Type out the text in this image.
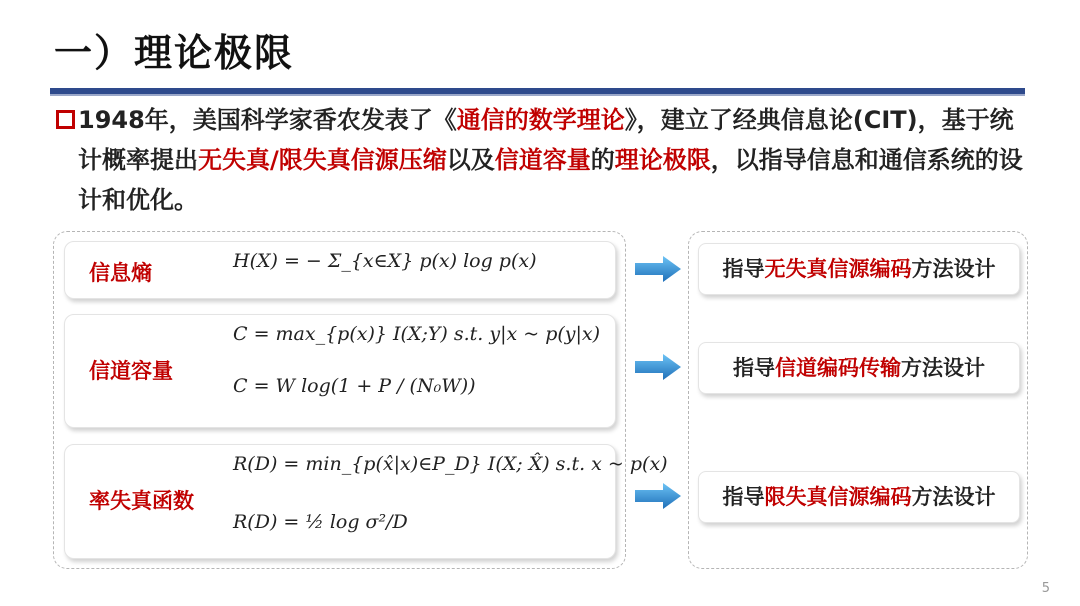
一）理论极限

1948年，美国科学家香农发表了《通信的数学理论》，建立了经典信息论(CIT)，基于统计概率提出无失真/限失真信源压缩以及信道容量的理论极限，以指导信息和通信系统的设计和优化。

信息熵	H(X) = − Σ_{x∈X} p(x) log p(x)
信道容量
C = max_{p(x)} I(X;Y) s.t. y|x ~ p(y|x)
C = W log(1 + P / (N₀W))
率失真函数
R(D) = min_{p(x̂|x)∈P_D} I(X; X̂) s.t. x ~ p(x)
R(D) = ½ log σ²/D
指导无失真信源编码方法设计
指导信道编码传输方法设计
指导限失真信源编码方法设计
5
